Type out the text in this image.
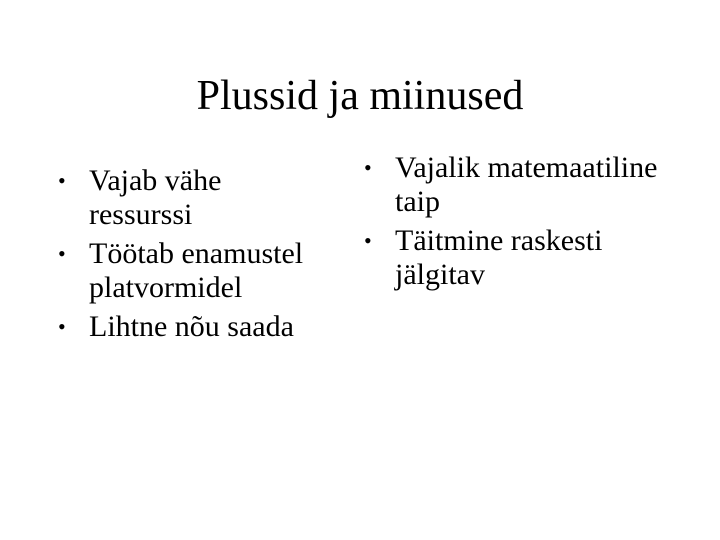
Plussid ja miinused
• Vajab vähe ressurssi
• Töötab enamustel platvormidel
• Lihtne nõu saada
• Vajalik matemaatiline taip
• Täitmine raskesti jälgitav
